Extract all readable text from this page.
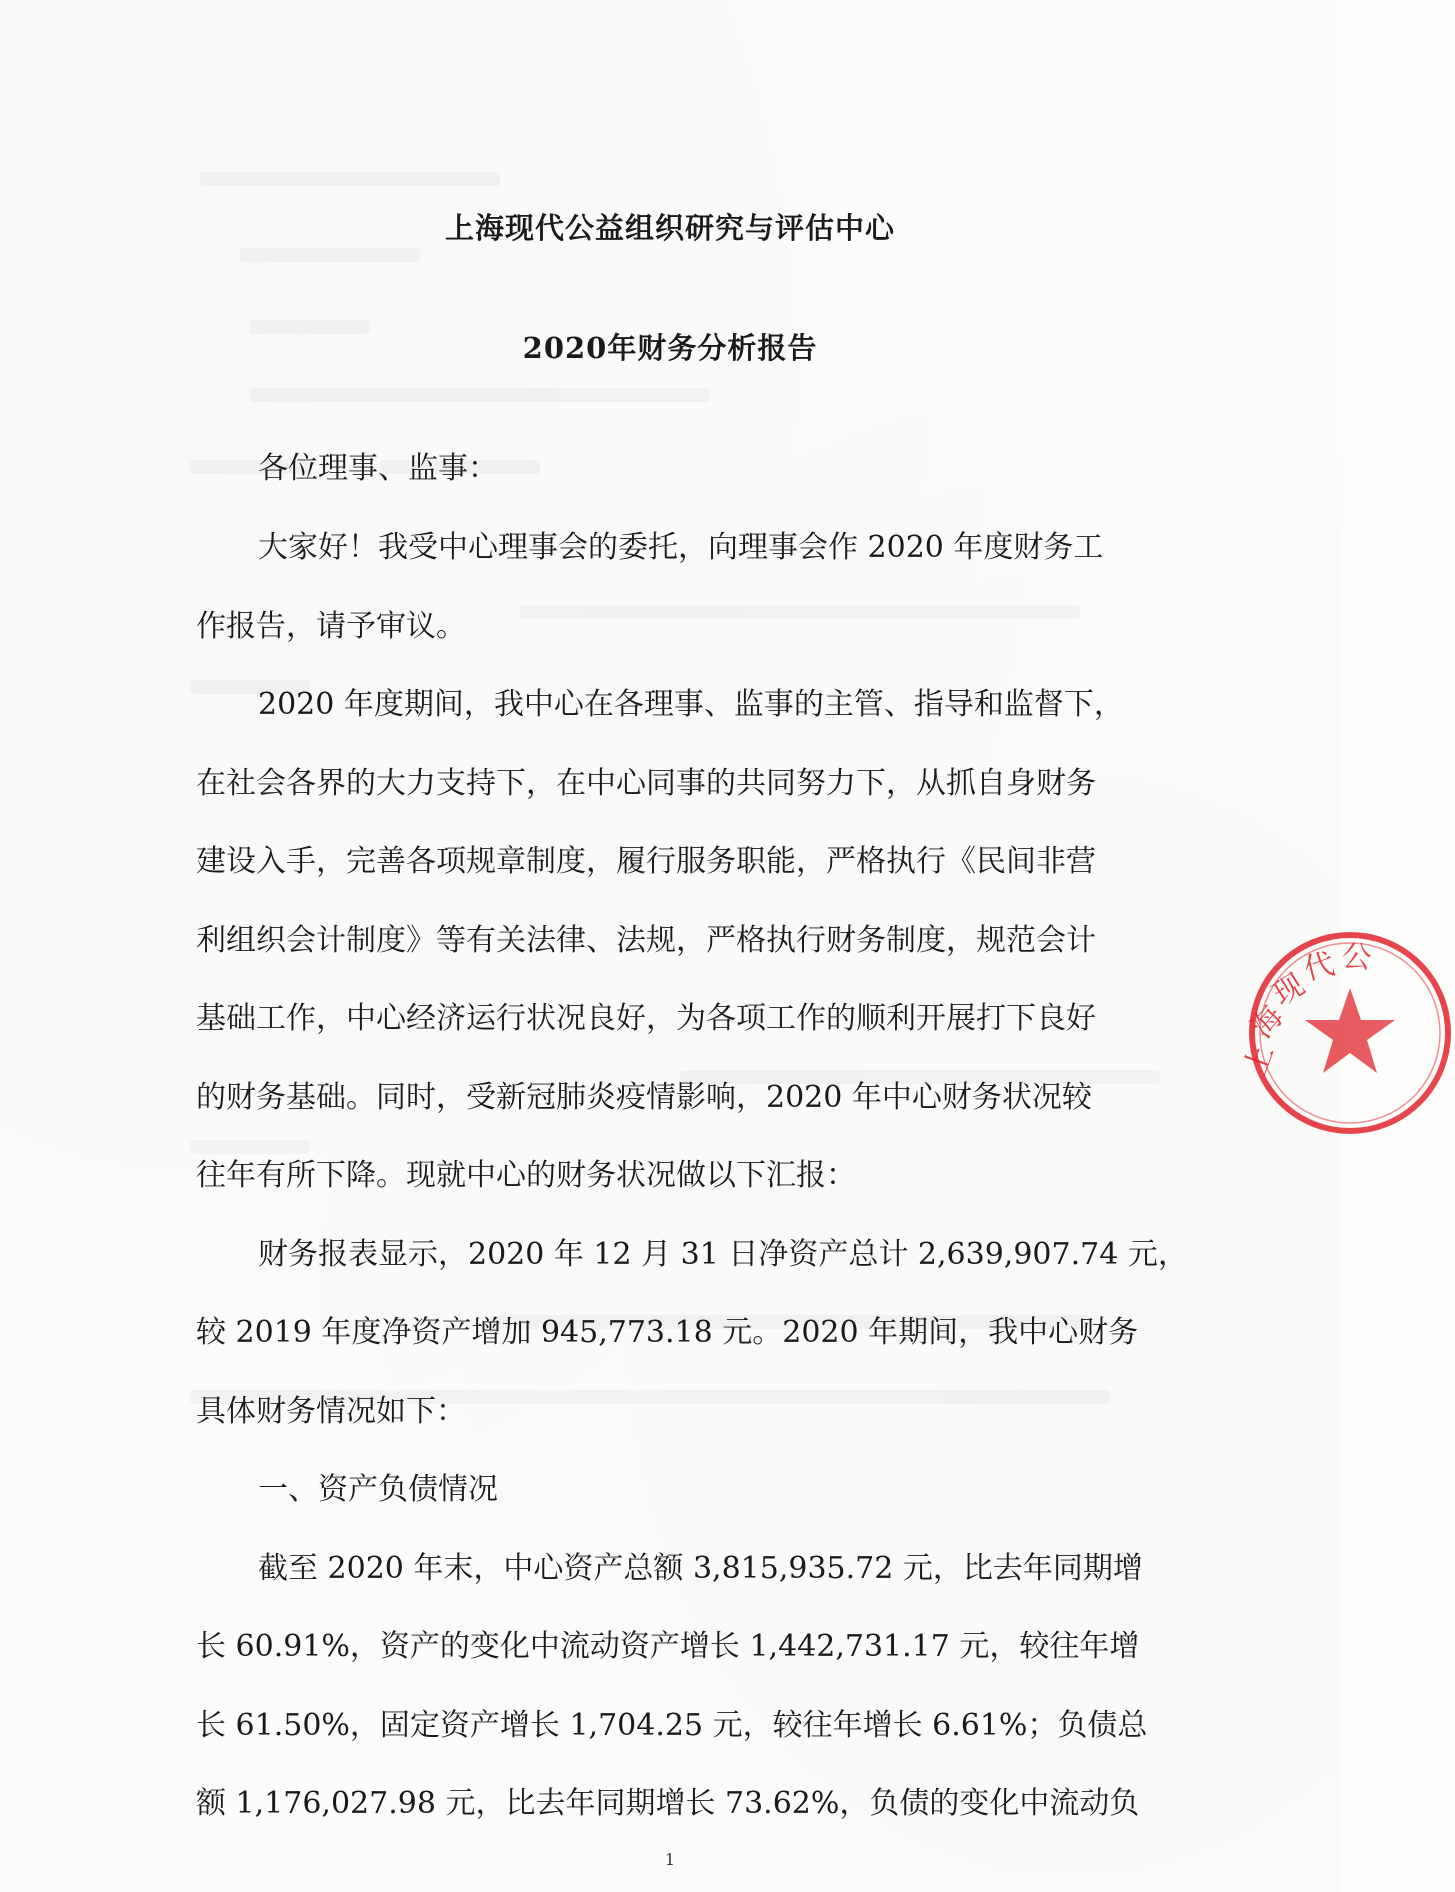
上海现代公益组织研究与评估中心
2020年财务分析报告
各位理事、监事：
大家好！我受中心理事会的委托，向理事会作 2020 年度财务工
作报告，请予审议。
2020 年度期间，我中心在各理事、监事的主管、指导和监督下，
在社会各界的大力支持下，在中心同事的共同努力下，从抓自身财务
建设入手，完善各项规章制度，履行服务职能，严格执行《民间非营
利组织会计制度》等有关法律、法规，严格执行财务制度，规范会计
基础工作，中心经济运行状况良好，为各项工作的顺利开展打下良好
的财务基础。同时，受新冠肺炎疫情影响，2020 年中心财务状况较
往年有所下降。现就中心的财务状况做以下汇报：
财务报表显示，2020 年 12 月 31 日净资产总计 2,639,907.74 元，
较 2019 年度净资产增加 945,773.18 元。2020 年期间，我中心财务
具体财务情况如下：
一、资产负债情况
截至 2020 年末，中心资产总额 3,815,935.72 元，比去年同期增
长 60.91%，资产的变化中流动资产增长 1,442,731.17 元，较往年增
长 61.50%，固定资产增长 1,704.25 元，较往年增长 6.61%；负债总
额 1,176,027.98 元，比去年同期增长 73.62%，负债的变化中流动负
上
海
现
代 公
1
